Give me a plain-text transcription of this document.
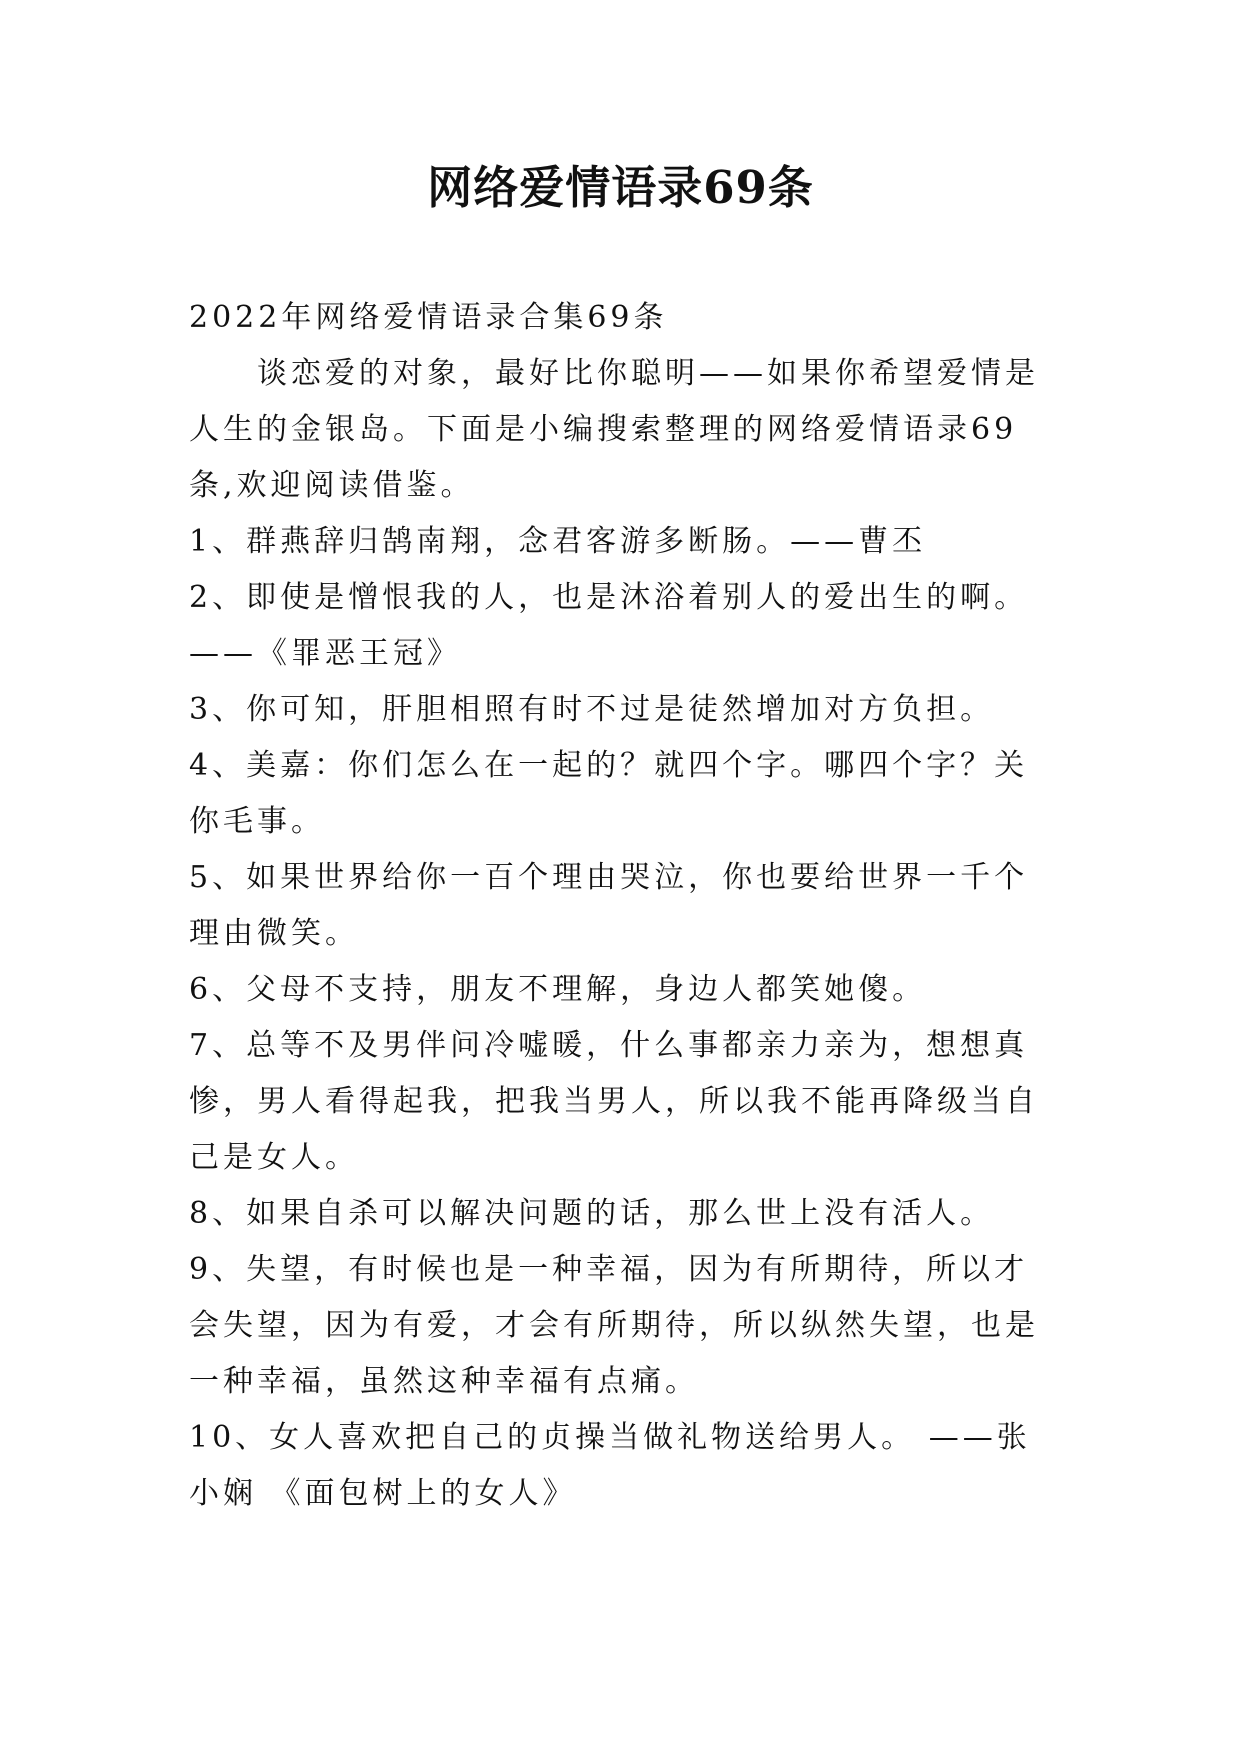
网络爱情语录69条

2022年网络爱情语录合集69条

谈恋爱的对象，最好比你聪明——如果你希望爱情是人生的金银岛。下面是小编搜索整理的网络爱情语录69条,欢迎阅读借鉴。

1、群燕辞归鹄南翔，念君客游多断肠。——曹丕

2、即使是憎恨我的人，也是沐浴着别人的爱出生的啊。——《罪恶王冠》

3、你可知，肝胆相照有时不过是徒然增加对方负担。

4、美嘉：你们怎么在一起的？就四个字。哪四个字？关你毛事。

5、如果世界给你一百个理由哭泣，你也要给世界一千个理由微笑。

6、父母不支持，朋友不理解，身边人都笑她傻。

7、总等不及男伴问冷嘘暖，什么事都亲力亲为，想想真惨，男人看得起我，把我当男人，所以我不能再降级当自己是女人。

8、如果自杀可以解决问题的话，那么世上没有活人。

9、失望，有时候也是一种幸福，因为有所期待，所以才会失望，因为有爱，才会有所期待，所以纵然失望，也是一种幸福，虽然这种幸福有点痛。

10、女人喜欢把自己的贞操当做礼物送给男人。 ——张小娴 《面包树上的女人》
